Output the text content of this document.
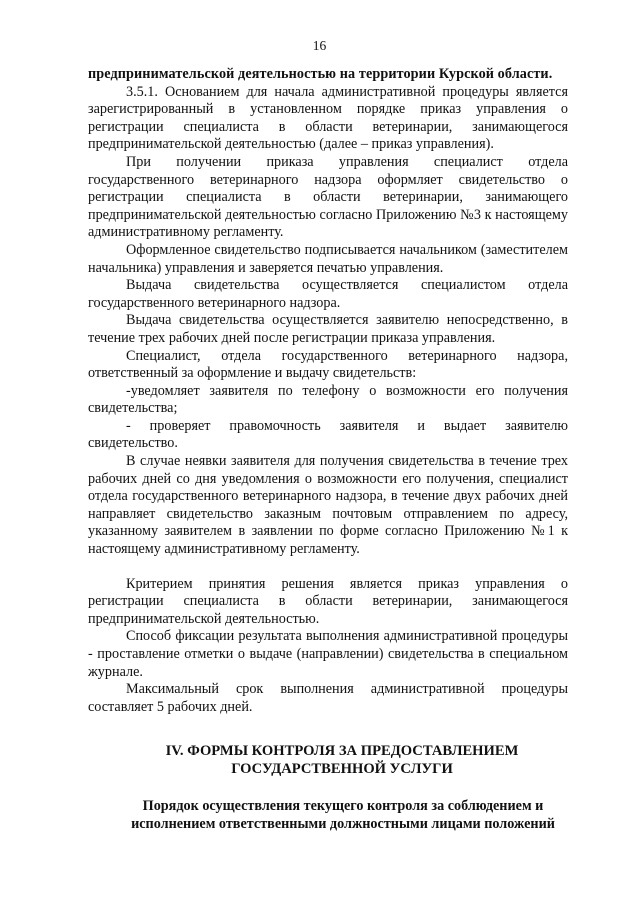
16

предпринимательской деятельностью на территории Курской области.

3.5.1. Основанием для начала административной процедуры является зарегистрированный в установленном порядке приказ управления о регистрации специалиста в области ветеринарии, занимающегося предпринимательской деятельностью (далее – приказ управления).

При получении приказа управления специалист отдела государственного ветеринарного надзора оформляет свидетельство о регистрации специалиста в области ветеринарии, занимающего предпринимательской деятельностью согласно Приложению №3 к настоящему административному регламенту.

Оформленное свидетельство подписывается начальником (заместителем начальника) управления и заверяется печатью управления.

Выдача свидетельства осуществляется специалистом отдела государственного ветеринарного надзора.

Выдача свидетельства осуществляется заявителю непосредственно, в течение трех рабочих дней после регистрации приказа управления.

Специалист, отдела государственного ветеринарного надзора, ответственный за оформление и выдачу свидетельств:

-уведомляет заявителя по телефону о возможности его получения свидетельства;

- проверяет правомочность заявителя и выдает заявителю свидетельство.

В случае неявки заявителя для получения свидетельства в течение трех рабочих дней со дня уведомления о возможности его получения, специалист отдела государственного ветеринарного надзора, в течение двух рабочих дней направляет свидетельство заказным почтовым отправлением по адресу, указанному заявителем в заявлении по форме согласно Приложению №1 к настоящему административному регламенту.

Критерием принятия решения является приказ управления о регистрации специалиста в области ветеринарии, занимающегося предпринимательской деятельностью.

Способ фиксации результата выполнения административной процедуры - проставление отметки о выдаче (направлении) свидетельства в специальном журнале.

Максимальный срок выполнения административной процедуры составляет 5 рабочих дней.

IV. ФОРМЫ КОНТРОЛЯ ЗА ПРЕДОСТАВЛЕНИЕМ
ГОСУДАРСТВЕННОЙ УСЛУГИ

Порядок осуществления текущего контроля за соблюдением и исполнением ответственными должностными лицами положений
